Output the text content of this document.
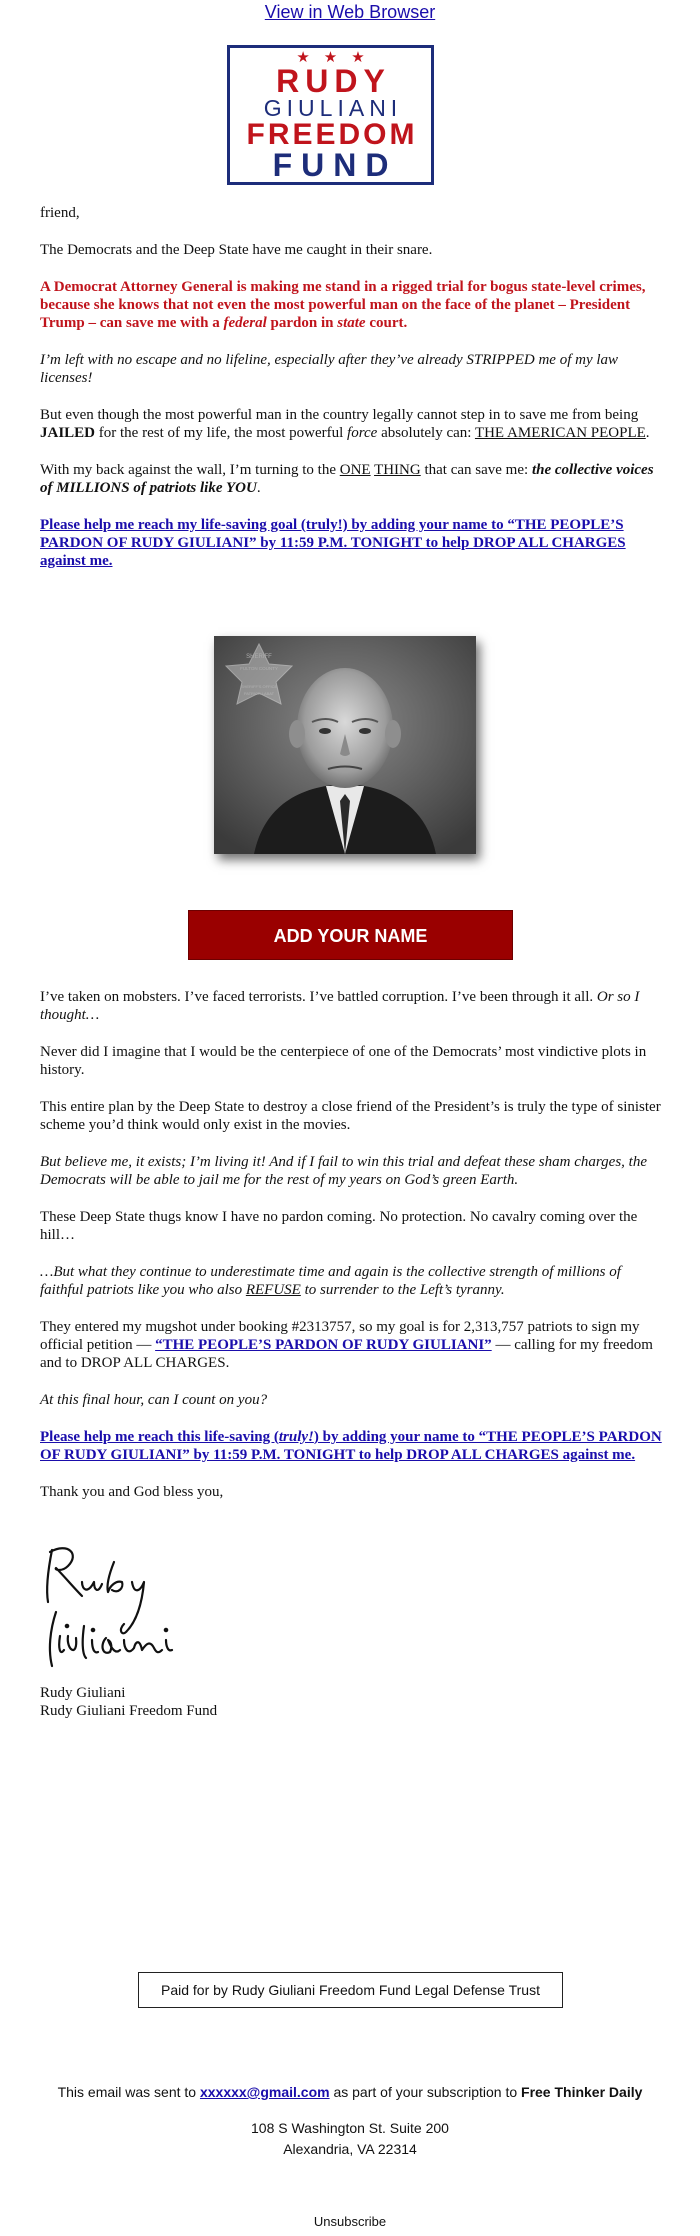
View in Web Browser
★★★
RUDY
GIULIANI
FREEDOM
FUND

friend,

The Democrats and the Deep State have me caught in their snare.

A Democrat Attorney General is making me stand in a rigged trial for bogus state-level crimes, because she knows that not even the most powerful man on the face of the planet – President Trump – can save me with a federal pardon in state court.

I’m left with no escape and no lifeline, especially after they’ve already STRIPPED me of my law licenses!

But even though the most powerful man in the country legally cannot step in to save me from being JAILED for the rest of my life, the most powerful force absolutely can: THE AMERICAN PEOPLE.

With my back against the wall, I’m turning to the ONE THING that can save me: the collective voices of MILLIONS of patriots like YOU.

Please help me reach my life-saving goal (truly!) by adding your name to “THE PEOPLE’S PARDON OF RUDY GIULIANI” by 11:59 P.M. TONIGHT to help DROP ALL CHARGES against me.

SHERIFF
FULTON COUNTY
SHERIFF'S OFFICE
PATRICK LABAT
ADD YOUR NAME

I’ve taken on mobsters. I’ve faced terrorists. I’ve battled corruption. I’ve been through it all. Or so I thought…

Never did I imagine that I would be the centerpiece of one of the Democrats’ most vindictive plots in history.

This entire plan by the Deep State to destroy a close friend of the President’s is truly the type of sinister scheme you’d think would only exist in the movies.

But believe me, it exists; I’m living it! And if I fail to win this trial and defeat these sham charges, the Democrats will be able to jail me for the rest of my years on God’s green Earth.

These Deep State thugs know I have no pardon coming. No protection. No cavalry coming over the hill…

…But what they continue to underestimate time and again is the collective strength of millions of faithful patriots like you who also REFUSE to surrender to the Left’s tyranny.

They entered my mugshot under booking #2313757, so my goal is for 2,313,757 patriots to sign my official petition — “THE PEOPLE’S PARDON OF RUDY GIULIANI” — calling for my freedom and to DROP ALL CHARGES.

At this final hour, can I count on you?

Please help me reach this life-saving (truly!) by adding your name to “THE PEOPLE’S PARDON OF RUDY GIULIANI” by 11:59 P.M. TONIGHT to help DROP ALL CHARGES against me.

Thank you and God bless you,

Rudy Giuliani
Rudy Giuliani Freedom Fund
Paid for by Rudy Giuliani Freedom Fund Legal Defense Trust
This email was sent to xxxxxx@gmail.com as part of your subscription to Free Thinker Daily
108 S Washington St. Suite 200
Alexandria, VA 22314
Unsubscribe
